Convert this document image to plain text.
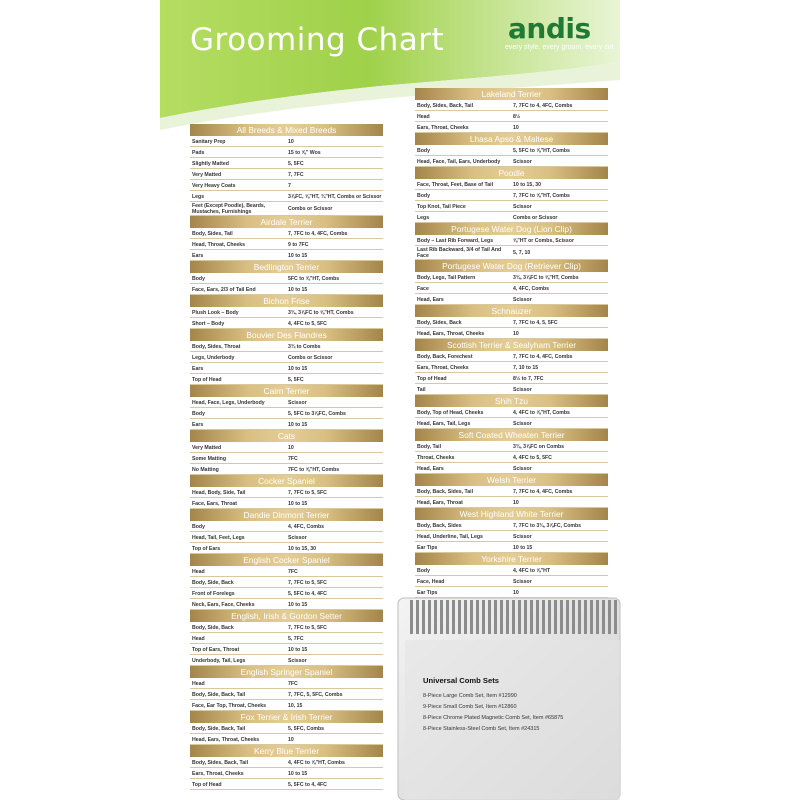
Grooming Chart andis
every style. every groom. every cut.
All Breeds & Mixed Breeds
Sanitary Prep	10
Pads	15 to ⅝" Wos
Slightly Matted	5, 5FC
Very Matted	7, 7FC
Very Heavy Coats	7
Legs	3⅞FC, ⅝"HT, ¾"HT, Combs or Scissor
Feet (Except Poodle), Beards, Mustaches, Furnishings	Combs or Scissor
Airdale Terrier
Body, Sides, Tail	7, 7FC to 4, 4FC, Combs
Head, Throat, Cheeks	9 to 7FC
Ears	10 to 15
Bedlington Terrier
Body	5FC to ⅝"HT, Combs
Face, Ears, 2/3 of Tail End	10 to 15
Bichon Frise
Plush Look – Body	3¾, 3⅞FC to ⅝"HT, Combs
Short – Body	4, 4FC to 5, 5FC
Bouvier Des Flandres
Body, Sides, Throat	3¾ to Combs
Legs, Underbody	Combs or Scissor
Ears	10 to 15
Top of Head	5, 5FC
Cairn Terrier
Head, Face, Legs, Underbody	Scissor
Body	5, 5FC to 3⅞FC, Combs
Ears	10 to 15
Cats
Very Matted	10
Some Matting	7FC
No Matting	7FC to ⅝"HT, Combs
Cocker Spaniel
Head, Body, Side, Tail	7, 7FC to 5, 5FC
Face, Ears, Throat	10 to 15
Dandie Dinmont Terrier
Body	4, 4FC, Combs
Head, Tail, Feet, Legs	Scissor
Top of Ears	10 to 15, 30
English Cocker Spaniel
Head	7FC
Body, Side, Back	7, 7FC to 5, 5FC
Front of Forelegs	5, 5FC to 4, 4FC
Neck, Ears, Face, Cheeks	10 to 15
English, Irish & Gordon Setter
Body, Side, Back	7, 7FC to 5, 5FC
Head	5, 7FC
Top of Ears, Throat	10 to 15
Underbody, Tail, Legs	Scissor
English Springer Spaniel
Head	7FC
Body, Side, Back, Tail	7, 7FC, 5, 5FC, Combs
Face, Ear Top, Throat, Cheeks	10, 15
Fox Terrier & Irish Terrier
Body, Side, Back, Tail	5, 5FC, Combs
Head, Ears, Throat, Cheeks	10
Kerry Blue Terrier
Body, Sides, Back, Tail	4, 4FC to ⅝"HT, Combs
Ears, Throat, Cheeks	10 to 15
Top of Head	5, 5FC to 4, 4FC
Lakeland Terrier
Body, Sides, Back, Tail	7, 7FC to 4, 4FC, Combs
Head	8½
Ears, Throat, Cheeks	10
Lhasa Apso & Maltese
Body	5, 5FC to ⅝"HT, Combs
Head, Face, Tail, Ears, Underbody	Scissor
Poodle
Face, Throat, Feet, Base of Tail	10 to 15, 30
Body	7, 7FC to ⅝"HT, Combs
Top Knot, Tail Piece	Scissor
Legs	Combs or Scissor
Portugese Water Dog (Lion Clip)
Body – Last Rib Forward, Legs	⅝"HT or Combs, Scissor
Last Rib Backward, 3/4 of Tail And Face	5, 7, 10
Portugese Water Dog (Retriever Clip)
Body, Legs, Tail Pattern	3¾, 3⅞FC to ⅝"HT, Combs
Face	4, 4FC, Combs
Head, Ears	Scissor
Schnauzer
Body, Sides, Back	7, 7FC to 4, 5, 5FC
Head, Ears, Throat, Cheeks	10
Scottish Terrier & Sealyham Terrier
Body, Back, Forechest	7, 7FC to 4, 4FC, Combs
Ears, Throat, Cheeks	7, 10 to 15
Top of Head	8½ to 7, 7FC
Tail	Scissor
Shih Tzu
Body, Top of Head, Cheeks	4, 4FC to ⅝"HT, Combs
Head, Ears, Tail, Legs	Scissor
Soft Coated Wheaten Terrier
Body, Tail	3¾, 3⅞FC on Combs
Throat, Cheeks	4, 4FC to 5, 5FC
Head, Ears	Scissor
Welsh Terrier
Body, Back, Sides, Tail	7, 7FC to 4, 4FC, Combs
Head, Ears, Throat	10
West Highland White Terrier
Body, Back, Sides	7, 7FC to 3¾, 3⅞FC, Combs
Head, Underline, Tail, Legs	Scissor
Ear Tips	10 to 15
Yorkshire Terrier
Body	4, 4FC to ⅝"HT
Face, Head	Scissor
Ear Tips	10
Universal Comb Sets
8-Piece Large Comb Set, Item #12990
9-Piece Small Comb Set, Item #12860
8-Piece Chrome Plated Magnetic Comb Set, Item #65875
8-Piece Stainless-Steel Comb Set, Item #24315
